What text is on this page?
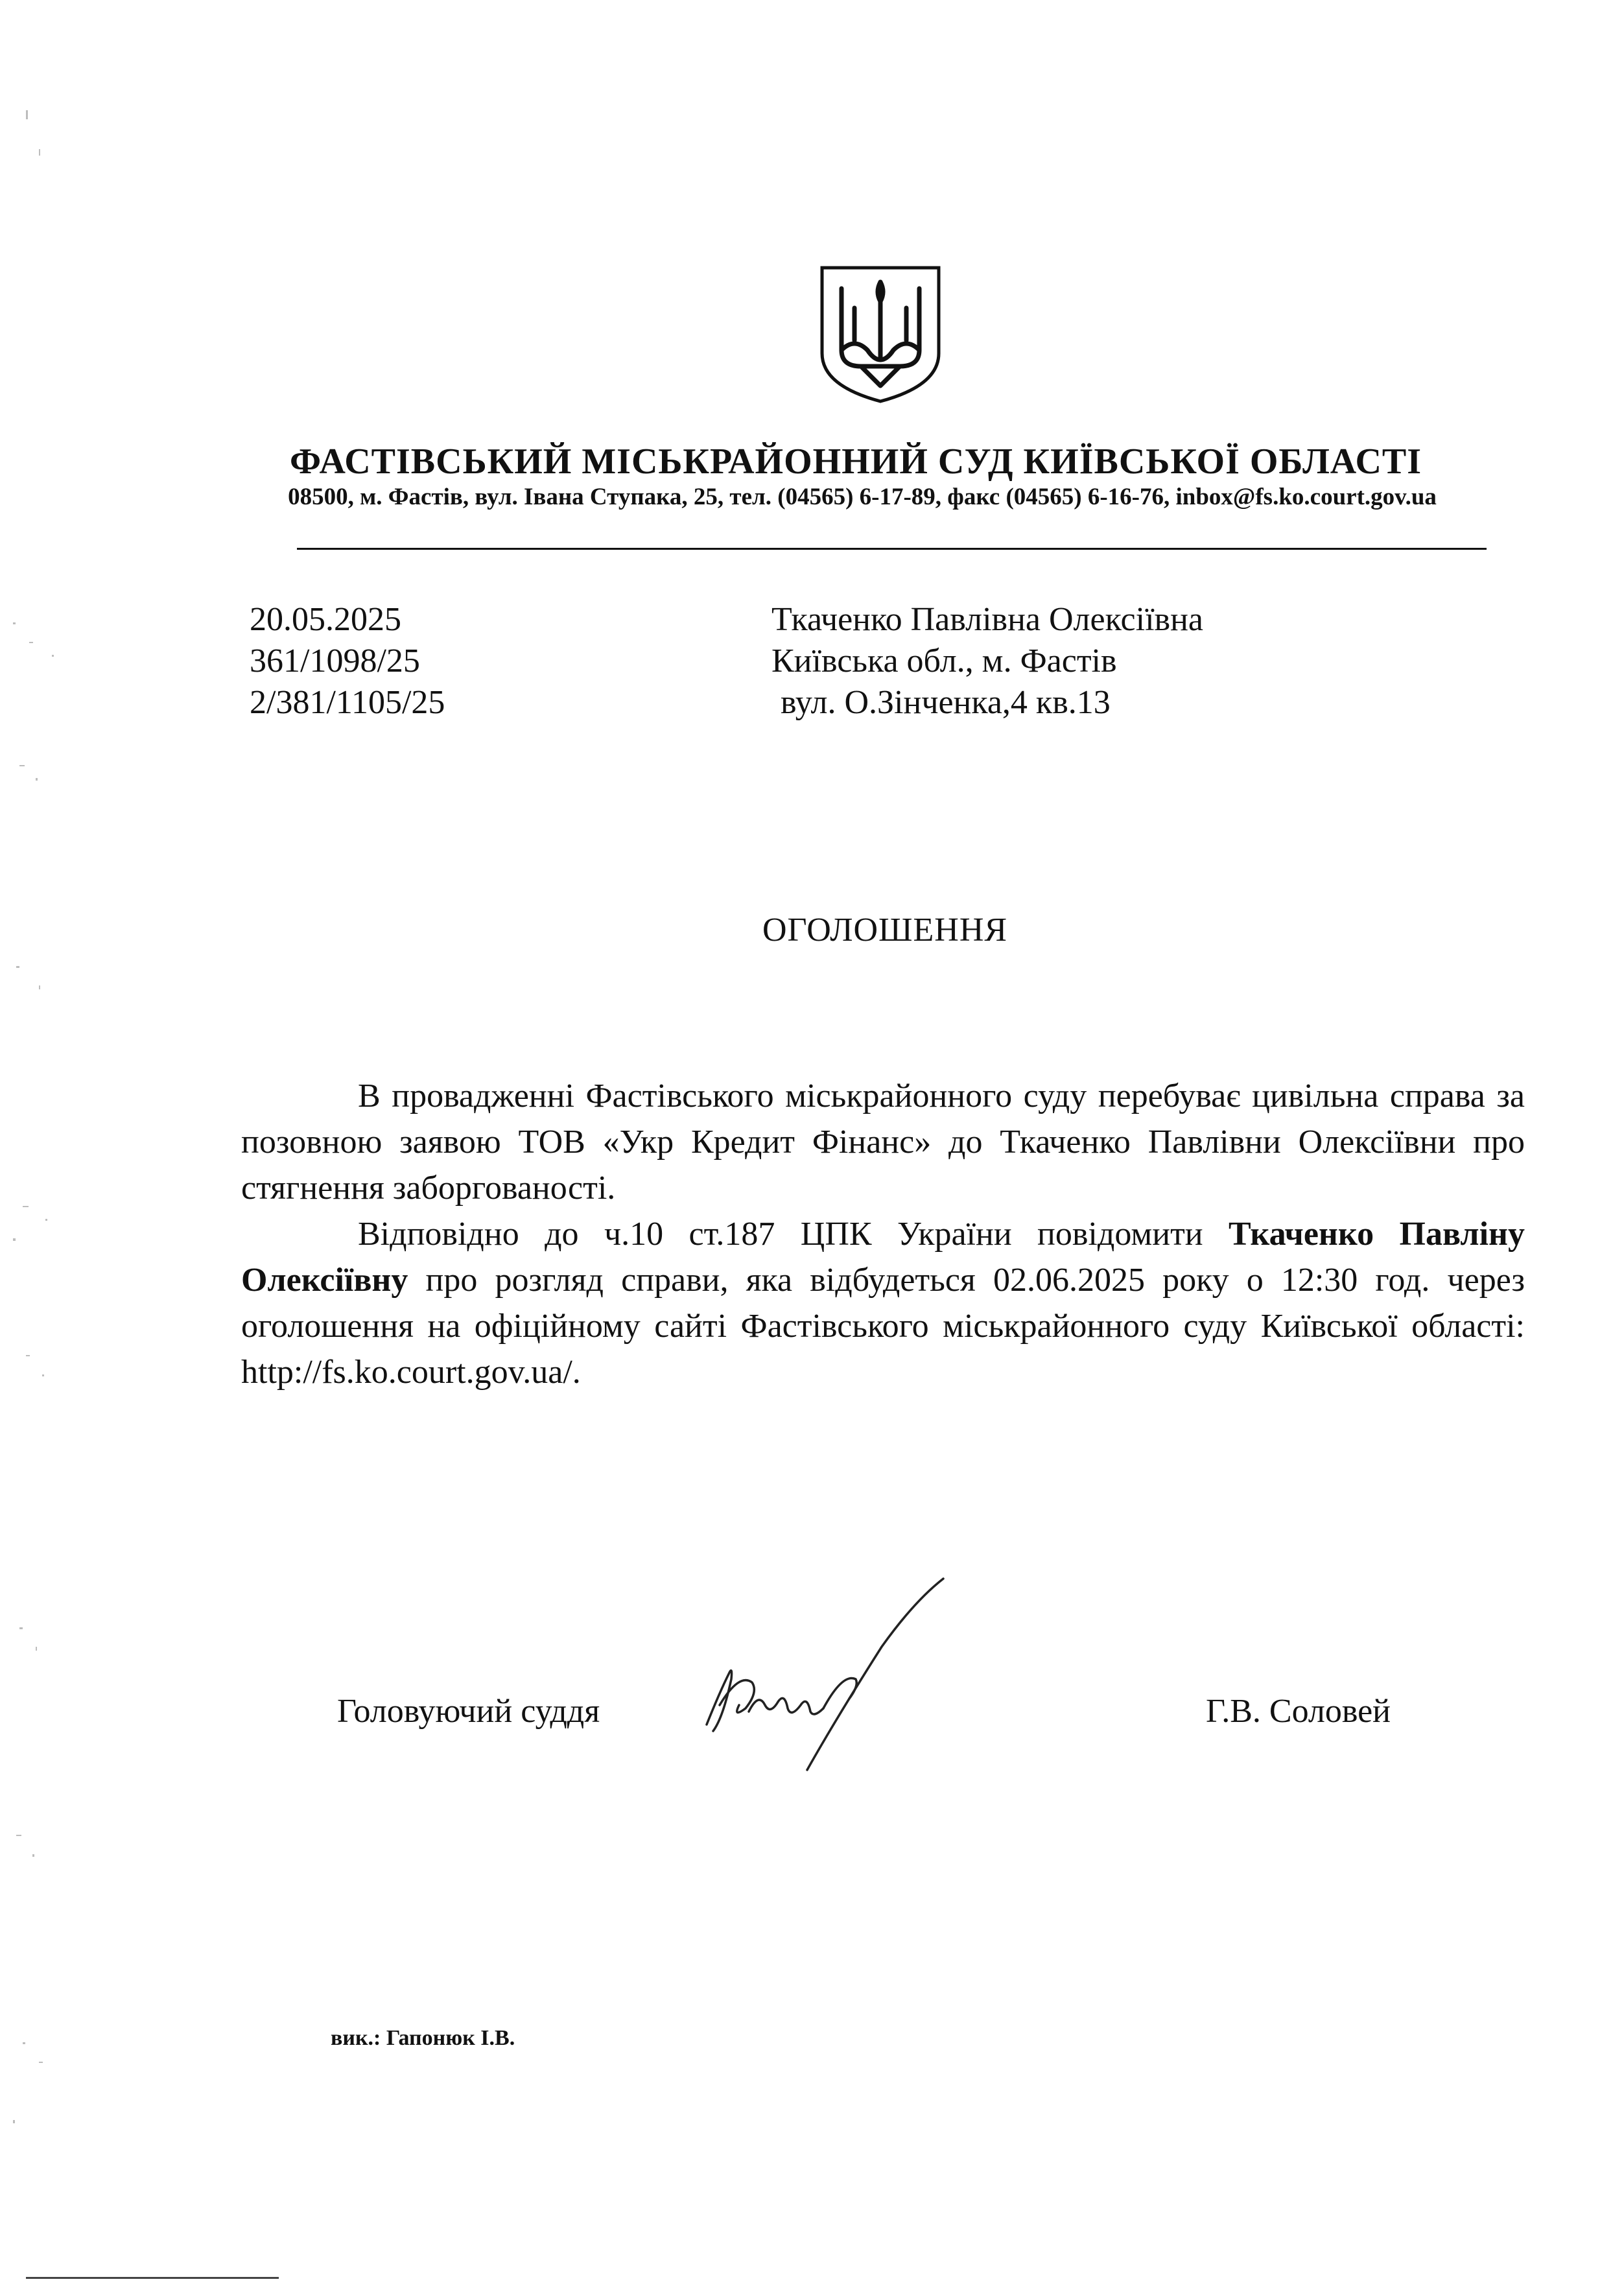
ФАСТІВСЬКИЙ МІСЬКРАЙОННИЙ СУД КИЇВСЬКОЇ ОБЛАСТІ
08500, м. Фастів, вул. Івана Ступака, 25, тел. (04565) 6-17-89, факс (04565) 6-16-76, inbox@fs.ko.court.gov.ua
20.05.2025
361/1098/25
2/381/1105/25
Ткаченко Павлівна Олексіївна
Київська обл., м. Фастів
вул. О.Зінченка,4 кв.13
ОГОЛОШЕННЯ

В провадженні Фастівського міськрайонного суду перебуває цивільна справа за позовною заявою ТОВ «Укр Кредит Фінанс» до Ткаченко Павлівни Олексіївни про стягнення заборгованості.

Відповідно до ч.10 ст.187 ЦПК України повідомити Ткаченко Павліну Олексіївну про розгляд справи, яка відбудеться 02.06.2025 року о 12:30 год. через оголошення на офіційному сайті Фастівського міськрайонного суду Київської області: http://fs.ko.court.gov.ua/.

Головуючий суддя	Г.В. Соловей
вик.: Гапонюк І.В.
